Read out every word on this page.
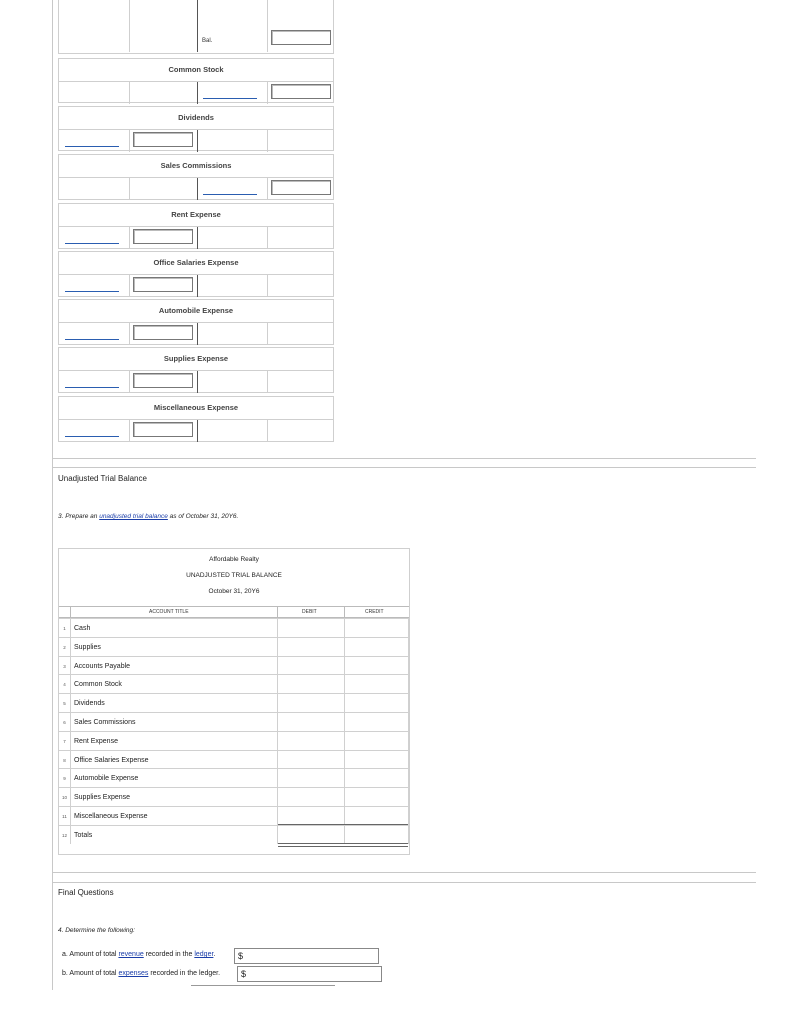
Bal.
Common Stock
Dividends
Sales Commissions
Rent Expense
Office Salaries Expense
Automobile Expense
Supplies Expense
Miscellaneous Expense
Unadjusted Trial Balance
3. Prepare an unadjusted trial balance as of October 31, 20Y6.
Affordable Realty
UNADJUSTED TRIAL BALANCE
October 31, 20Y6
ACCOUNT TITLE	DEBIT	CREDIT
1	Cash
2	Supplies
3	Accounts Payable
4	Common Stock
5	Dividends
6	Sales Commissions
7	Rent Expense
8	Office Salaries Expense
9	Automobile Expense
10	Supplies Expense
11	Miscellaneous Expense
12	Totals
Final Questions
4. Determine the following:
a. Amount of total revenue recorded in the ledger.	$
b. Amount of total expenses recorded in the ledger.	$
